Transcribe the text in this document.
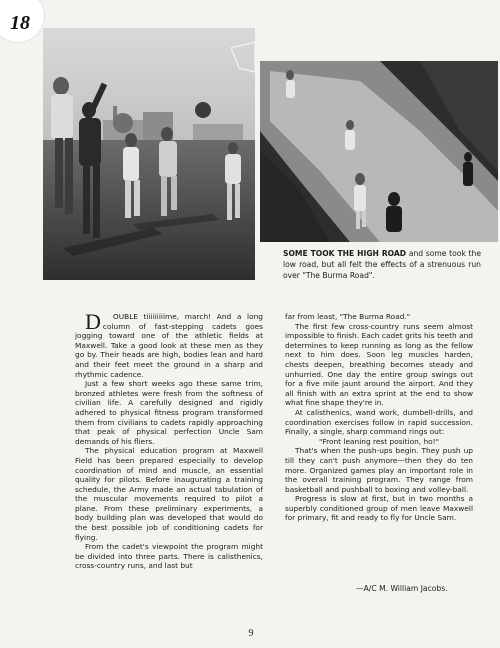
18
SOME TOOK THE HIGH ROAD and some took the low road, but all felt the effects of a strenuous run over "The Burma Road".

D OUBLE tiiiiiiiiime, march! And a long column of fast-stepping cadets goes jogging toward one of the athletic fields at Maxwell. Take a good look at these men as they go by. Their heads are high, bodies lean and hard and their feet meet the ground in a sharp and rhythmic cadence.

Just a few short weeks ago these same trim, bronzed athletes were fresh from the softness of civilian life. A carefully designed and rigidly adhered to physical fitness program transformed them from civilians to cadets rapidly approaching that peak of physical perfection Uncle Sam demands of his fliers.

The physical education program at Maxwell Field has been prepared especially to develop coordination of mind and muscle, an essential quality for pilots. Before inaugurating a training schedule, the Army made an actual tabulation of the muscular movements required to pilot a plane. From these preliminary experiments, a body building plan was developed that would do the best possible job of conditioning cadets for flying.

From the cadet's viewpoint the program might be divided into three parts. There is calisthenics, cross-country runs, and last but

far from least, "The Burma Road."

The first few cross-country runs seem almost impossible to finish. Each cadet grits his teeth and determines to keep running as long as the fellow next to him does. Soon leg muscles harden, chests deepen, breathing becomes steady and unhurried. One day the entire group swings out for a five mile jaunt around the airport. And they all finish with an extra sprint at the end to show what fine shape they're in.

At calisthenics, wand work, dumbell-drills, and coordination exercises follow in rapid succession. Finally, a single, sharp command rings out:

"Front leaning rest position, ho!"

That's when the push-ups begin. They push up till they can't push anymore—then they do ten more. Organized games play an important role in the overall training program. They range from basketball and pushball to boxing and volley-ball.

Progress is slow at first, but in two months a superbly conditioned group of men leave Maxwell for primary, fit and ready to fly for Uncle Sam.

—A/C M. William Jacobs.
9
